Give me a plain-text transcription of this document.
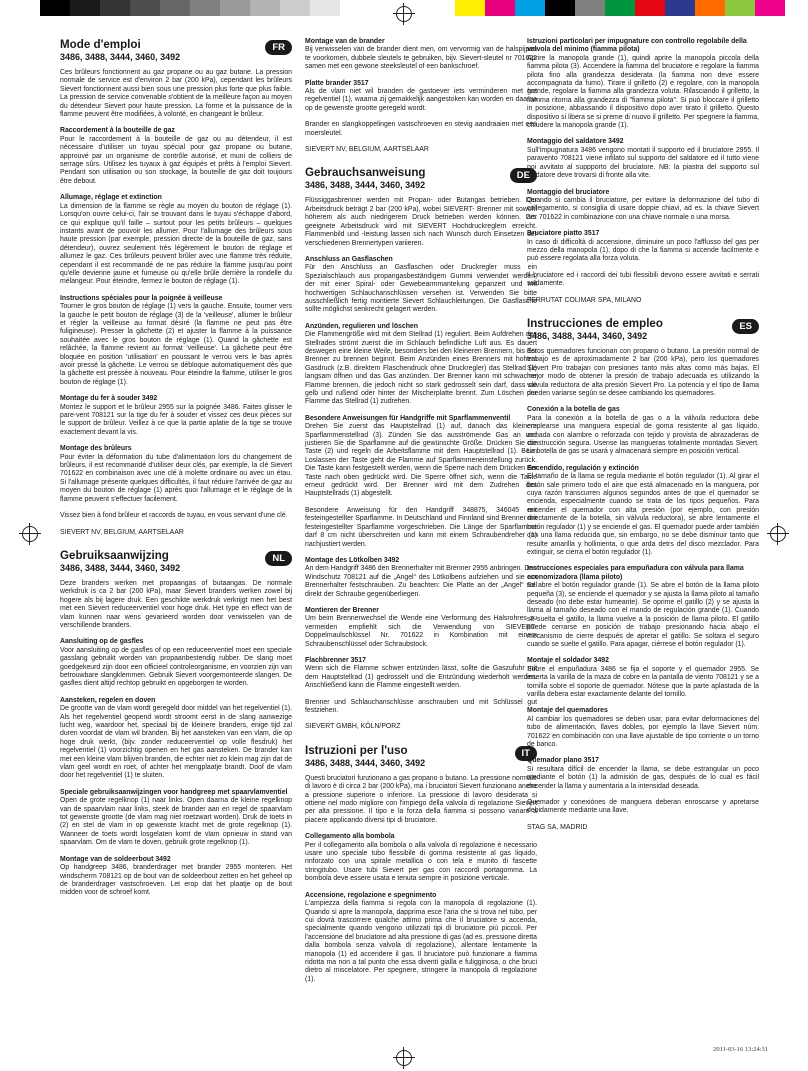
Mode d'emploi
3486, 3488, 3444, 3460, 3492
FR

Ces brûleurs fonctionnent au gaz propane ou au gaz butane. La pression normale de service est d'environ 2 bar (200 kPa), cependant les brûleurs Sievert fonctionnent aussi bien sous une pression plus forte que plus faible. La pression de service convenable s'obtient de la meilleure façon au moyen du détendeur Sievert pour haute pression. La forme et la puissance de la flamme peuvent être modifiées, à volonté, en changeant le brûleur.

Raccordement à la bouteille de gaz

Pour le raccordement à la bouteille de gaz ou au détendeur, il est nécessaire d'utiliser un tuyau spécial pour gaz propane ou butane, approuvé par un organisme de contrôle autorisé, et muni de colliers de serrage sûrs. Utilisez les tuyaux à gaz équipés et prêts à l'emploi Sievert. Pendant son utilisation ou son stockage, la bouteille de gaz doit toujours être debout.

Allumage, réglage et extinction

La dimension de la flamme se règle au moyen du bouton de réglage (1). Lorsqu'on ouvre celui-ci, l'air se trouvant dans le tuyau s'échappe d'abord, ce qui explique qu'il faille – surtout pour les petits brûleurs – quelques instants avant de pouvoir les allumer. Pour l'allumage des brûleurs sous haute pression (par exemple, pression directe de la bouteille de gaz, sans détendeur), ouvrez seulement très légèrement le bouton de réglage et allumez le gaz. Ces brûleurs peuvent brûler avec une flamme très réduite, cependant il est recommandé de ne pas réduire la flamme jusqu'au point qu'elle devienne jaune et fumeuse ou qu'elle brûle derrière la rondelle du mélangeur. Pour éteindre, fermez le bouton de réglage (1).

Instructions spéciales pour la poignée à veilleuse

Tourner le gros bouton de réglage (1) vers la gauche. Ensuite, tourner vers la gauche le petit bouton de réglage (3) de la 'veilleuse', allumer le brûleur et régler la veilleuse au format désiré (la flamme ne peut pas être fuligineuse). Presser la gâchette (2) et ajuster la flamme à la puissance souhaitée avec le gros bouton de réglage (1). Quand la gâchette est relâchée, la flamme revient au format 'veilleuse'. La gâchette peut être bloquée en position 'utilisation' en poussant le verrou vers le bas après avoir pressé la gâchette. Le verrou se débloque automatiquement dès que la gâchette est pressée à nouveau. Pour éteindre la flamme, utiliser le gros bouton de réglage (1).

Montage du fer à souder 3492

Montez le support et le brûleur 2955 sur la poignée 3486. Faites glisser le pare-vent 708121 sur la tige du fer à souder et vissez ces deux pièces sur le support de brûleur. Veillez à ce que la partie aplatie de la tige se trouve exactement devant la vis.

Montage des brûleurs

Pour éviter la déformation du tube d'alimentation lors du changement de brûleurs, il est recommandé d'utiliser deux clés, par exemple, la clé Sievert 701622 en combinaison avec une clé à molette ordinaire ou avec un étau. Si l'allumage présente quelques difficultés, il faut réduire l'arrivée de gaz au moyen du bouton de réglage (1) après quoi l'allumage et le réglage de la flamme peuvent s'effectuer facilement.

Vissez bien à fond brûleur et raccords de tuyau, en vous servant d'une clé.

SIEVERT NV, BELGIUM, AARTSELAAR
Gebruiksaanwijzing
3486, 3488, 3444, 3460, 3492
NL

Deze branders werken met propaangas of butaangas. De normale werkdruk is ca 2 bar (200 kPa), maar Sievert branders werken zowel bij hogere als bij lagere druk. Een geschikte werkdruk verkrijgt men het best met een Sievert reduceerventiel voor hoge druk. Het type en effect van de vlam kunnen naar wens gevarieerd worden door verwisselen van de verschillende branders.

Aansluiting op de gasfles

Voor aansluiting op de gasfles of op een reduceerventiel moet een speciale gasslang gebruikt worden van propaanbestendig rubber. De slang moet goedgekeurd zijn door een officieel controleorganisme, en voorzien zijn van betrouwbare slangklemmen. Gebruik Sievert voorgemonteerde slangen. De gasfles dient altijd rechtop gebruikt en opgeborgen te worden.

Aansteken, regelen en doven

De grootte van de vlam wordt geregeld door middel van het regelventiel (1). Als het regelventiel geopend wordt stroomt eerst in de slang aanwezige lucht weg, waardoor het, speciaal bij de kleinere branders, enige tijd zal duren voordat de vlam wil branden. Bij het aansteken van een vlam, die op hoge druk werkt, (bijv. zonder reduceerventiel op volle flesdruk) het regelventiel (1) voorzichtig openen en het gas aansteken. De brander kan met een kleine vlam blijven branden, die echter niet zo klein mag zijn dat de vlam geel wordt en roet, of achter het mengplaatje brandt. Doof de vlam door het regelventiel (1) te sluiten.

Speciale gebruiksaanwijzingen voor handgreep met spaarvlamventiel

Open de grote regelknop (1) naar links. Open daarna de kleine regelknop van de spaarvlam naar links, steek de brander aan en regel de spaarvlam tot gewenste grootte (de vlam mag niet roetzwart worden). Druk de toets in (2) en stel de vlam in op gewenste kracht met de grote regelknop (1). Wanneer de toets wordt losgelaten komt de vlam opnieuw in stand van spaarvlam. Om de vlam te doven, gebruik grote regelknop (1).

Montage van de soldeerbout 3492

Op handgreep 3486, branderdrager met brander 2955 monteren. Het windscherm 708121 op de bout van de soldeerbout zetten en het geheel op de branderdrager vastschroeven. Let erop dat het plaatje op de bout midden voor de schroef komt.

Montage van de brander

Bij verwisselen van de brander dient men, om vervormig van de halspijpen te voorkomen, dubbele sleutels te gebruiken, bijv. Sievert-sleutel nr 701622 samen met een gewone steeksleutel of een bankschroef.

Platte brander 3517

Als de vlam niet wil branden de gastoever iets verminderen met het regelventiel (1), waarna zij gemakkelijk aangestoken kan worden en daarna op de gewenste grootte geregeld wordt.

Brander en slangkoppelingen vastschroeven en stevig aandraaien met een moersleutel.

SIEVERT NV, BELGIUM, AARTSELAAR
Gebrauchsanweisung
3486, 3488, 3444, 3460, 3492
DE

Flüssiggasbrenner werden mit Propan- oder Butangas betrieben. Der Arbeitsdruck beträgt 2 bar (200 kPa), wobei SIEVERT- Brenner mit sowohl höherem als auch niedrigerem Druck betrieben werden können. Der geeignete Arbeitsdruck wird mit SIEVERT Hochdruckreglern erreicht. Flammenbild und -leistung lassen sich nach Wunsch durch Einsetzen der verschiedenen Brennertypen variieren.

Anschluss an Gasflaschen

Für den Anschluss an Gasflaschen oder Druckregler muss ein Spezialschlauch aus propangasbeständigem Gummi verwendet werden, der mit einer Spiral- oder Gewebearmmantelung gepanzert und mit hochwertigen Schlauchanschlüssen versehen ist. Verwenden Sie bitte ausschließlich fertig montierte Sievert Schlauchleitungen. Die Gasflasche sollte möglichst senkrecht gelagert werden.

Anzünden, regulieren und löschen

Die Flammengröße wird mit dem Stellrad (1) reguliert. Beim Aufdrehen des Stellrades strömt zuerst die im Schlauch befindliche Luft aus. Es dauert deswegen eine kleine Weile, besonders bei den kleineren Brennern, bis der Brenner zu brennen beginnt. Beim Anzünden eines Brenners mit hohem Gasdruck (z.B. direktem Flaschendruck ohne Druckregler) das Stellrad (1) langsam öffnen und das Gas anzünden. Der Brenner kann mit schwacher Flamme brennen, die jedoch nicht so stark gedrosselt sein darf, dass sie gelb und rußend oder hinter der Mischerplatte brennt. Zum Löschen der Flamme das Stellrad (1) zudrehen.

Besondere Anweisungen für Handgriffe mit Sparflammenventil

Drehen Sie zuerst das Hauptstellrad (1) auf, danach das kleinere Sparflammenstellrad (3). Zünden Sie das ausströmende Gas an und justieren Sie die Sparflamme auf die gewünschte Größe. Drücken Sie die Taste (2) und regeln die Arbeitsflamme mit dem Hauptstellrad (1). Beim Loslassen der Taste geht die Flamme auf Sparflammeneinstellung zurück. Die Taste kann festgestellt werden, wenn die Sperre nach dem Drücken der Taste nach oben gedrückt wird. Die Sperre öffnet sich, wenn die Taste erneut gedrückt wird. Der Brenner wird mit dem Zudrehen des Hauptstellrads (1) abgestellt.

Besondere Anweisung für den Handgriff 348875, 346045 mit festeingestellter Sparflamme. In Deutschland und Finnland sind Brenner mit festeingestellter Sparflamme vorgeschrieben. Die Länge der Sparflamme darf 8 cm nicht überschreiten und kann mit einem Schraubendreher (1) nachjustiert werden.

Montage des Lötkolben 3492

An dem Handgriff 3486 den Brennerhalter mit Brenner 2955 anbringen. Den Windschutz 708121 auf die „Angel“ des Lötkolbens aufziehen und sie am Brennerhalter festschrauben. Zu beachten: Die Platte an der „Angel“ soll direkt der Schraube gegenüberliegen.

Montieren der Brenner

Um beim Brennerwechsel die Wende eine Verformung des Halsrohres zu vermeiden empfiehlt sich die Verwendung von SIEVERT- Doppelmaulschlüssel Nr. 701622 in Kombination mit einem Schraubenschlüssel oder Schraubstock.

Flachbrenner 3517

Wenn sich die Flamme schwer entzünden lässt, sollte die Gaszufuhr mit dem Hauptstellrad (1) gedrosselt und die Entzündung wiederholt werden. Anschließend kann die Flamme eingestellt werden.

Brenner und Schlauchanschlüsse anschrauben und mit Schlüssel gut festziehen.

SIEVERT GMBH, KÖLN/PORZ
Istruzioni per l'uso
3486, 3488, 3444, 3460, 3492
IT

Questi bruciatori funzionano a gas propano o butano. La pressione normale di lavoro è di circa 2 bar (200 kPa), ma i bruciatori Sievert funzionano anche a pressione superiore o inferiore. La pressione di lavoro desiderata si ottiene nel modo migliore con l'impiego della valvola di regolazione Sievert per alta pressione. Il tipo e la forza della fiamma si possono variare a piacere applicando diversi tipi di bruciatore.

Collegamento alla bombola

Per il collegamento alla bombola o alla valvola di regolazione è necessario usare uno speciale tubo flessibile di gomma resistente al gas liquido, rinforzato con una spirale metallica o con tela e munito di fascette stringitubo. Usare tubi Sievert per gas con raccordi portagomma. La bombola deve essere usata e tenuta sempre in posizione verticale.

Accensione, regolazione e spegnimento

L'ampiezza della fiamma si regola con la manopola di regolazione (1). Quando si apre la manopola, dapprima esce l'aria che si trova nel tubo, per cui dovrà trascorrere qualche attimo prima che il bruciatore si accenda, specialmente quando vengono utilizzati tipi di bruciatore più piccoli. Per l'accensione del bruciatore ad alta pressione di gas (ad es. pressione diretta dalla bombola senza valvola di regolazione), allentare lentamente la manopola (1) ed accendere il gas. Il bruciatore può funzionare a fiamma ridotta ma non a tal punto che essa diventi gialla e fuligginosa, o che bruci dietro al miscelatore. Per spegnere, stringere la manopola di regolazione (1).

Istruzioni particolari per impugnature con controllo regolabile della valvola del minimo (fiamma pilota)

Aprire la manopola grande (1), quindi aprire la manopola piccola della fiamma pilota (3). Accendere la fiamma del bruciatore e regolare la fiamma pilota fino alla grandezza desiderata (la fiamma non deve essere accompagnata da fumo). Tirare il grilletto (2) e regolare, con la manopola grande, regolare la fiamma alla grandezza voluta. Rilasciando il grilletto, la fiamma ritorna alla grandezza di "fiamma pilota". Si può bloccare il grilletto in posizione, abbassando il dispositivo dopo aver tirato il grilletto. Questo dispositivo si libera se si preme di nuovo il grilletto. Per spegnere la fiamma, chiudere la manopola grande (1).

Montaggio del saldatore 3492

Sull'impugnatura 3486 vengono montati il supporto ed il bruciatore 2955. Il paravento 708121 viene infilato sul supporto del saldatore ed il tutto viene poi avvitato al suppporto del bruciatore. NB: la piastra del supporto sul saldatore deve trovarsi di fronte alla vite.

Montaggio del bruciatore

Quando si cambia il bruciatore, per evitare la deformazione del tubo di collegamento, si consiglia di usare doppie chiavi, ad es. la chiave Sievert art. 701622 in combinazione con una chiave normale o una morsa.

Bruciatore piatto 3517

In caso di difficoltà di accensione, diminuire un poco l'afflusso del gas per mezzo della manopola (1), dopo di che la fiamma si accende facilmente e può essere regolata alla forza voluta.

Il bruciatore ed i raccordi dei tubi flessibili devono essere avvitati e serrati saldamente.

FERRUTAT COLIMAR SPA, MILANO
Instrucciones de empleo
3486, 3488, 3444, 3460, 3492
ES

Estos quemadores funcionan con propano o butano. La presión normal de trabajo es de aproximadamente 2 bar (200 kPa), pero los quemadores Sievert Pro trabajan con presiones tanto más altas como más bajas. El mejor modo de obtener la presión de trabajo adecuada es utilizando la válvula reductora de alta presión Sievert Pro. La potencia y el tipo de llama pueden variarse según se desee cambiando los quemadores.

Conexión a la botella de gas

Para la conexión a la botella de gas o a la válvula reductora debe emplearse una manguera especial de goma resistente al gas líquido, armada con alambre o reforzada con tejido y provista de abrazaderas de construcción segura. Usense las mangueras totalmente montadas Sievert. La botella de gas se usará y almacenará siempre en posición vertical.

Encendido, regulación y extinción

El tamaño de la llama se regula mediante el botón regulador (1). Al girar el botón sale primero todo el aire que está almacenado en la manguera, por cuya razón transcurren algunos segundos antes de que el quemador se encienda, especialmente cuando se trata de los tipos pequeños. Para encender el quemador con alta presión (por ejemplo, con presión directamente de la botella, sin válvula reductora), se abre lentamente el botón regulador (1) y se enciende el gas. El quemador puede arder también con una llama reducida que, sin embargo, no se debe disminuir tanto que resulte amarilla y hollinienta, o que arda detrs del disco mezclador. Para extinguir, se cierra el botón regulador (1).

Instrucciones especiales para empuñadura con válvula para llama economizadora (llama piloto)

Se abre el botón regulador grande (1). Se abre el botón de la llama piloto pequeña (3), se enciende el quemador y se ajusta la llama piloto al tamaño deseado (no debe estar humeante). Se oprime el gatillo (2) y se ajusta la llama al tamaño deseado con el mando de regulación grande (1). Cuando se suelta el gatillo, la llama vuelve a la posición de llama piloto. El gatillo puede cerrarse en posición de trabajo presionando hacia abajo el mecanismo de cierre después de apretar el gatillo. Se soltara el seguro cuando se suelte el gatillo. Para apagar, ciérrese el botón regulador (1).

Montaje el soldador 3492

Sobre el empuñadura 3486 se fija el soporte y el quemador 2955. Se inserta la varilla de la maza de cobre en la pantalla de viento 708121 y se a tornilla sobre el soporte de quemador. Nótese que la parte aplastada de la varilla debera estar exactamente delante del tornillo.

Montaje del quemadores

Al cambiar los quemadores se deben usar, para evitar deformaciones del tubo de alimentación, llaves dobles, por ejemplo la llave Sievert núm. 701622 en combinación con una llave ajustable de tipo corriente o un torno de banco.

Quemador plano 3517

Si resultara difícil de encender la llama, se debe estrangular un poco mediante el botón (1) la admisión de gas, después de lo cual es fácil encender la llama y aumentaria a la intensidad deseada.

Quemador y conexiónes de manguera deberan enroscarse y apretarse debidamente mediante una llave.

STAG SA, MADRID
2011-03-16 13:24:31
